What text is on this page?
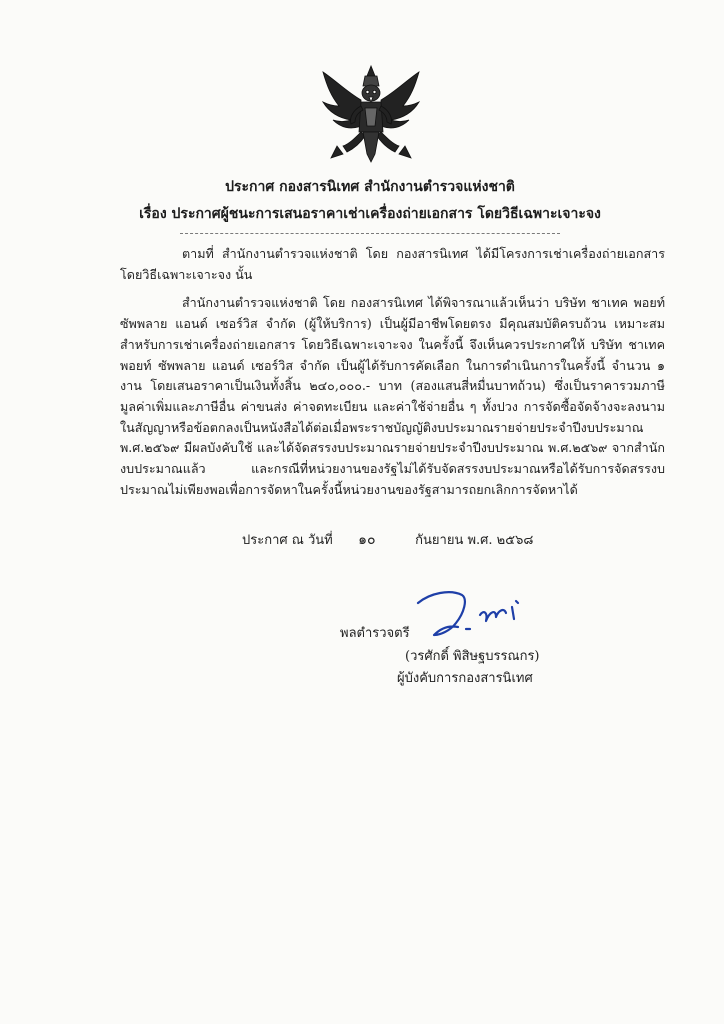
ประกาศ กองสารนิเทศ สำนักงานตำรวจแห่งชาติ
เรื่อง ประกาศผู้ชนะการเสนอราคาเช่าเครื่องถ่ายเอกสาร โดยวิธีเฉพาะเจาะจง

ตามที่ สำนักงานตำรวจแห่งชาติ โดย กองสารนิเทศ ได้มีโครงการเช่าเครื่องถ่ายเอกสาร โดยวิธีเฉพาะเจาะจง นั้น

สำนักงานตำรวจแห่งชาติ โดย กองสารนิเทศ ได้พิจารณาแล้วเห็นว่า บริษัท ชาเทค พอยท์ ซัพพลาย แอนด์ เซอร์วิส จำกัด (ผู้ให้บริการ) เป็นผู้มีอาชีพโดยตรง มีคุณสมบัติครบถ้วน เหมาะสม สำหรับการเช่าเครื่องถ่ายเอกสาร โดยวิธีเฉพาะเจาะจง ในครั้งนี้ จึงเห็นควรประกาศให้ บริษัท ชาเทค พอยท์ ซัพพลาย แอนด์ เซอร์วิส จำกัด เป็นผู้ได้รับการคัดเลือก ในการดำเนินการในครั้งนี้ จำนวน ๑ งาน โดยเสนอราคาเป็นเงินทั้งสิ้น ๒๔๐,๐๐๐.- บาท (สองแสนสี่หมื่นบาทถ้วน) ซึ่งเป็นราคารวมภาษีมูลค่าเพิ่มและภาษีอื่น ค่าขนส่ง ค่าจดทะเบียน และค่าใช้จ่ายอื่น ๆ ทั้งปวง การจัดซื้อจัดจ้างจะลงนามในสัญญาหรือข้อตกลงเป็นหนังสือได้ต่อเมื่อพระราชบัญญัติงบประมาณรายจ่ายประจำปีงบประมาณ พ.ศ.๒๕๖๙ มีผลบังคับใช้ และได้จัดสรรงบประมาณรายจ่ายประจำปีงบประมาณ พ.ศ.๒๕๖๙ จากสำนักงบประมาณแล้ว และกรณีที่หน่วยงานของรัฐไม่ได้รับจัดสรรงบประมาณหรือได้รับการจัดสรรงบประมาณไม่เพียงพอเพื่อการจัดหาในครั้งนี้หน่วยงานของรัฐสามารถยกเลิกการจัดหาได้

ประกาศ ณ วันที่ ๑๐	กันยายน พ.ศ. ๒๕๖๘
พลตำรวจตรี
(วรศักดิ์ พิสิษฐบรรณกร)
ผู้บังคับการกองสารนิเทศ
